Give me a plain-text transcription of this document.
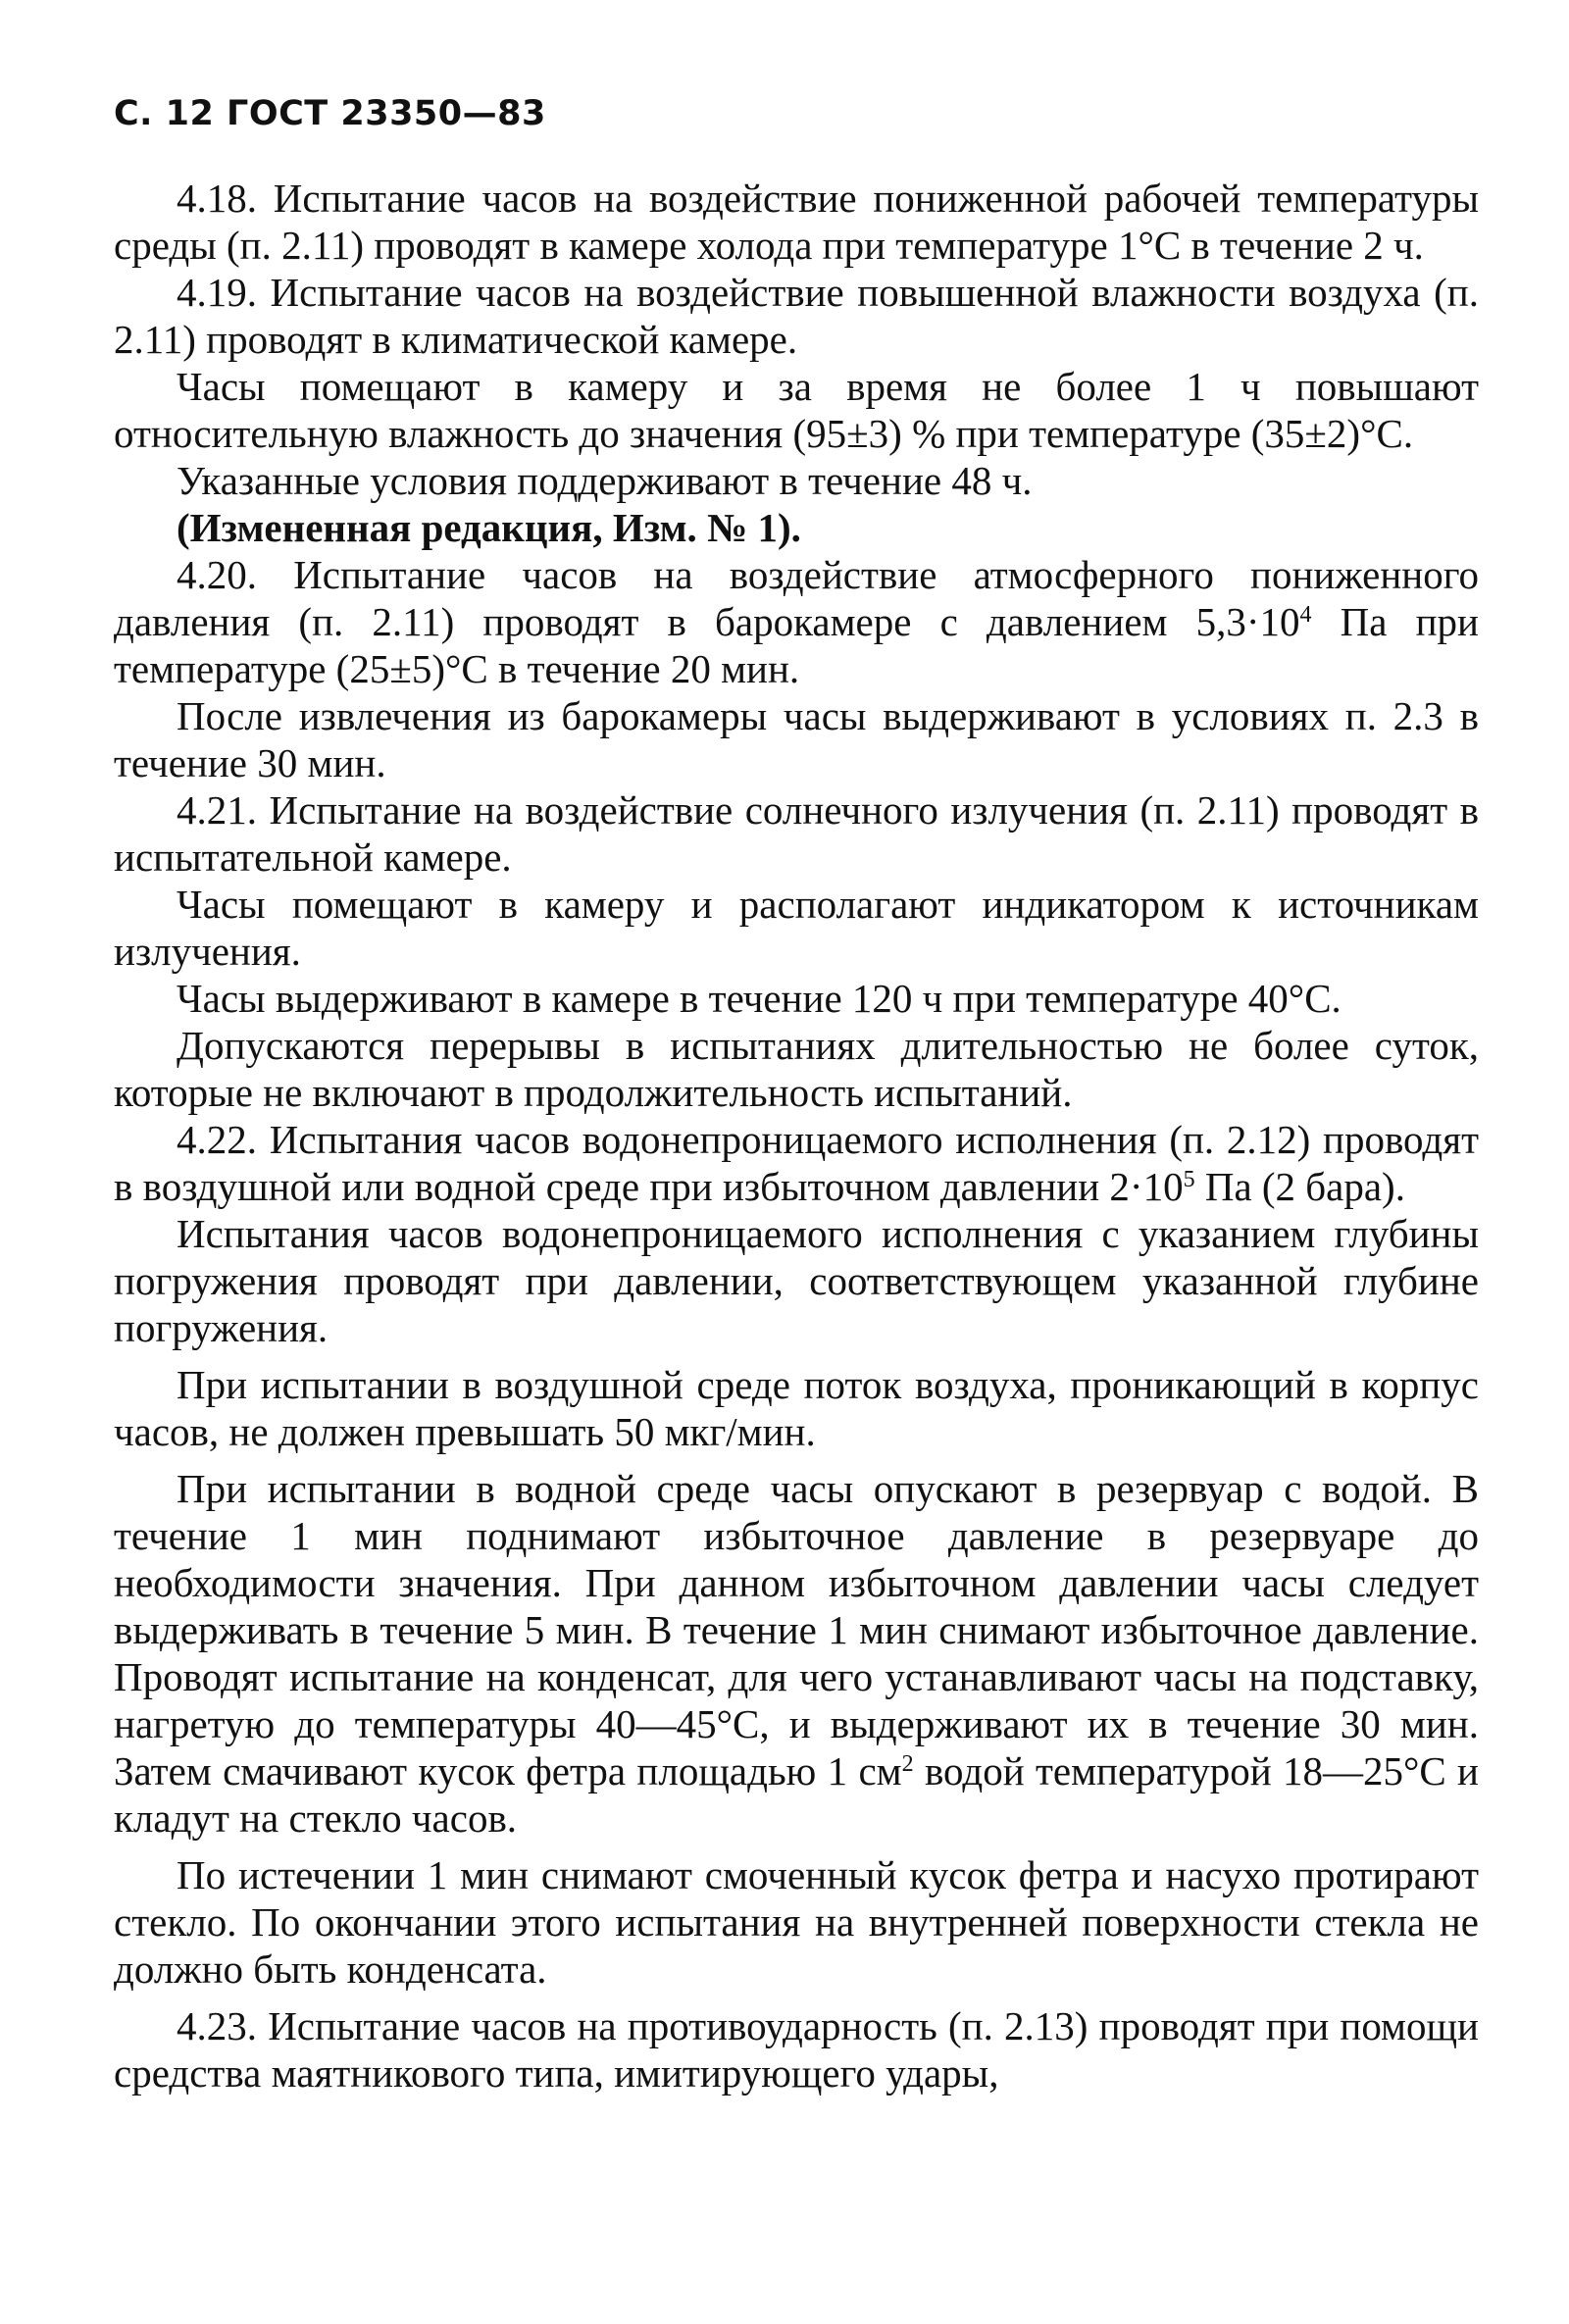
С. 12 ГОСТ 23350—83

4.18. Испытание часов на воздействие пониженной рабочей температуры среды (п. 2.11) проводят в камере холода при температуре 1°С в течение 2 ч.

4.19. Испытание часов на воздействие повышенной влажности воздуха (п. 2.11) проводят в климатической камере.

Часы помещают в камеру и за время не более 1 ч повышают относительную влажность до значения (95±3) % при температуре (35±2)°С.

Указанные условия поддерживают в течение 48 ч.

(Измененная редакция, Изм. № 1).

4.20. Испытание часов на воздействие атмосферного пониженного давления (п. 2.11) проводят в барокамере с давлением $5,3\cdot 10^4$ Па при температуре (25±5)°С в течение 20 мин.

После извлечения из барокамеры часы выдерживают в условиях п. 2.3 в течение 30 мин.

4.21. Испытание на воздействие солнечного излучения (п. 2.11) проводят в испытательной камере.

Часы помещают в камеру и располагают индикатором к источникам излучения.

Часы выдерживают в камере в течение 120 ч при температуре 40°С.

Допускаются перерывы в испытаниях длительностью не более суток, которые не включают в продолжительность испытаний.

4.22. Испытания часов водонепроницаемого исполнения (п. 2.12) проводят в воздушной или водной среде при избыточном давлении $2\cdot 10^5$ Па (2 бара).

Испытания часов водонепроницаемого исполнения с указанием глубины погружения проводят при давлении, соответствующем указанной глубине погружения.

При испытании в воздушной среде поток воздуха, проникающий в корпус часов, не должен превышать 50 мкг/мин.

При испытании в водной среде часы опускают в резервуар с водой. В течение 1 мин поднимают избыточное давление в резервуаре до необходимости значения. При данном избыточном давлении часы следует выдерживать в течение 5 мин. В течение 1 мин снимают избыточное давление. Проводят испытание на конденсат, для чего устанавливают часы на подставку, нагретую до температуры 40—45°С, и выдерживают их в течение 30 мин. Затем смачивают кусок фетра площадью 1 $см^2$ водой температурой 18—25°С и кладут на стекло часов.

По истечении 1 мин снимают смоченный кусок фетра и насухо протирают стекло. По окончании этого испытания на внутренней поверхности стекла не должно быть конденсата.

4.23. Испытание часов на противоударность (п. 2.13) проводят при помощи средства маятникового типа, имитирующего удары,
